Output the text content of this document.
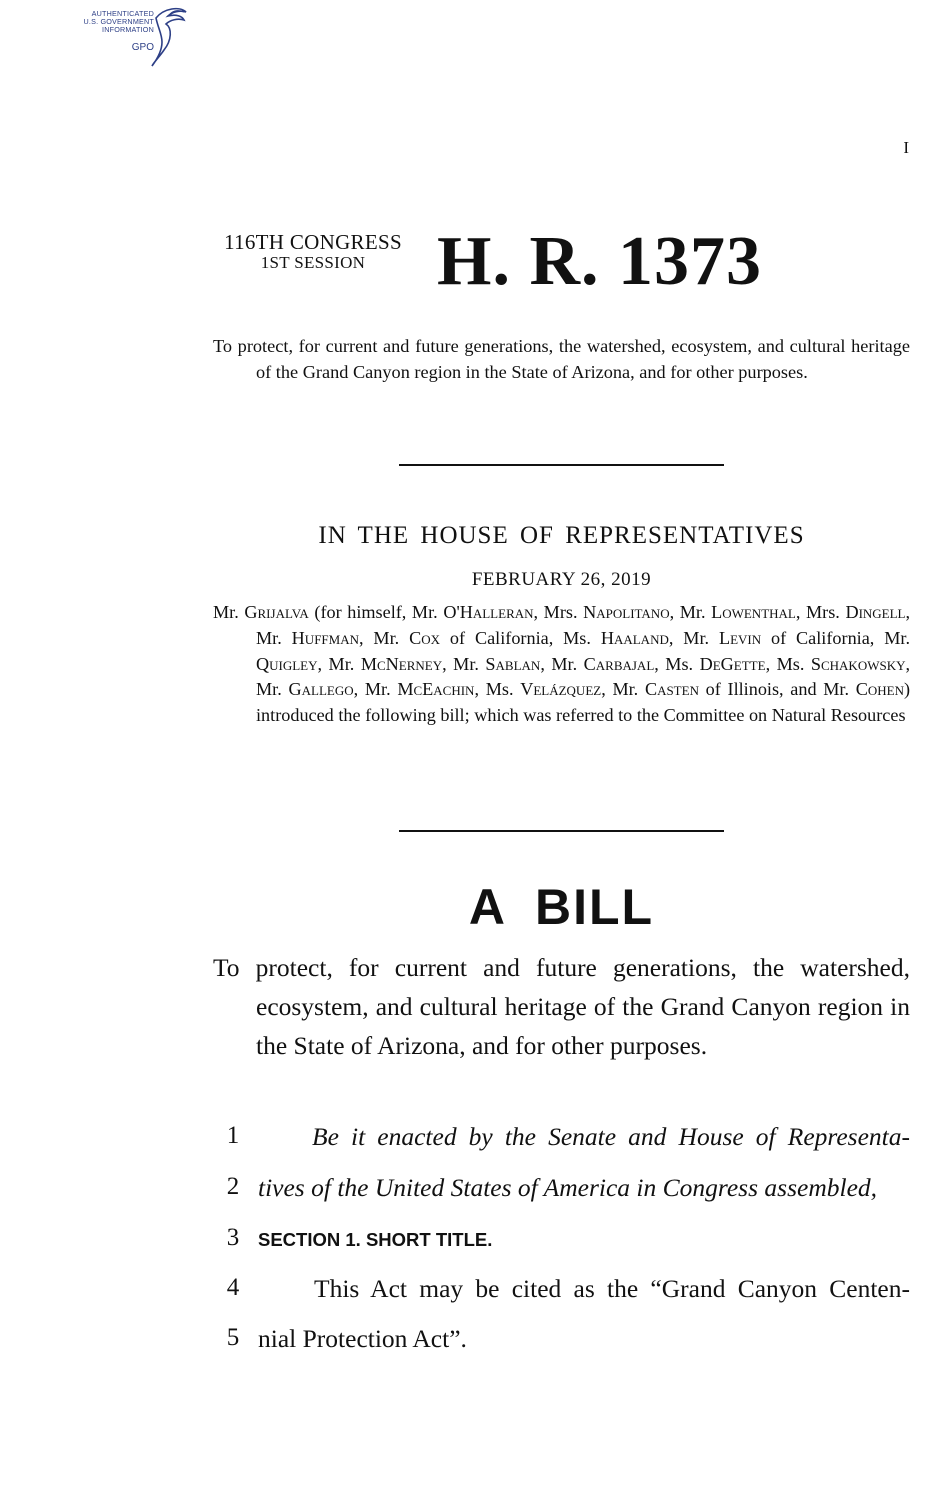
AUTHENTICATED
U.S. GOVERNMENT
INFORMATION
GPO
I
116TH CONGRESS
1ST SESSION	H. R. 1373

To protect, for current and future generations, the watershed, ecosystem, and cultural heritage of the Grand Canyon region in the State of Arizona, and for other purposes.

IN THE HOUSE OF REPRESENTATIVES
FEBRUARY 26, 2019

Mr. Grijalva (for himself, Mr. O'Halleran, Mrs. Napolitano, Mr. Lowenthal, Mrs. Dingell, Mr. Huffman, Mr. Cox of California, Ms. Haaland, Mr. Levin of California, Mr. Quigley, Mr. McNerney, Mr. Sablan, Mr. Carbajal, Ms. DeGette, Ms. Schakowsky, Mr. Gallego, Mr. McEachin, Ms. Velázquez, Mr. Casten of Illinois, and Mr. Cohen) introduced the following bill; which was referred to the Committee on Natural Resources

A BILL

To protect, for current and future generations, the watershed, ecosystem, and cultural heritage of the Grand Canyon region in the State of Arizona, and for other purposes.

1	Be it enacted by the Senate and House of Representa-
2 tives of the United States of America in Congress assembled,
3 SECTION 1. SHORT TITLE.
4	This Act may be cited as the “Grand Canyon Centen-
5 nial Protection Act”.
